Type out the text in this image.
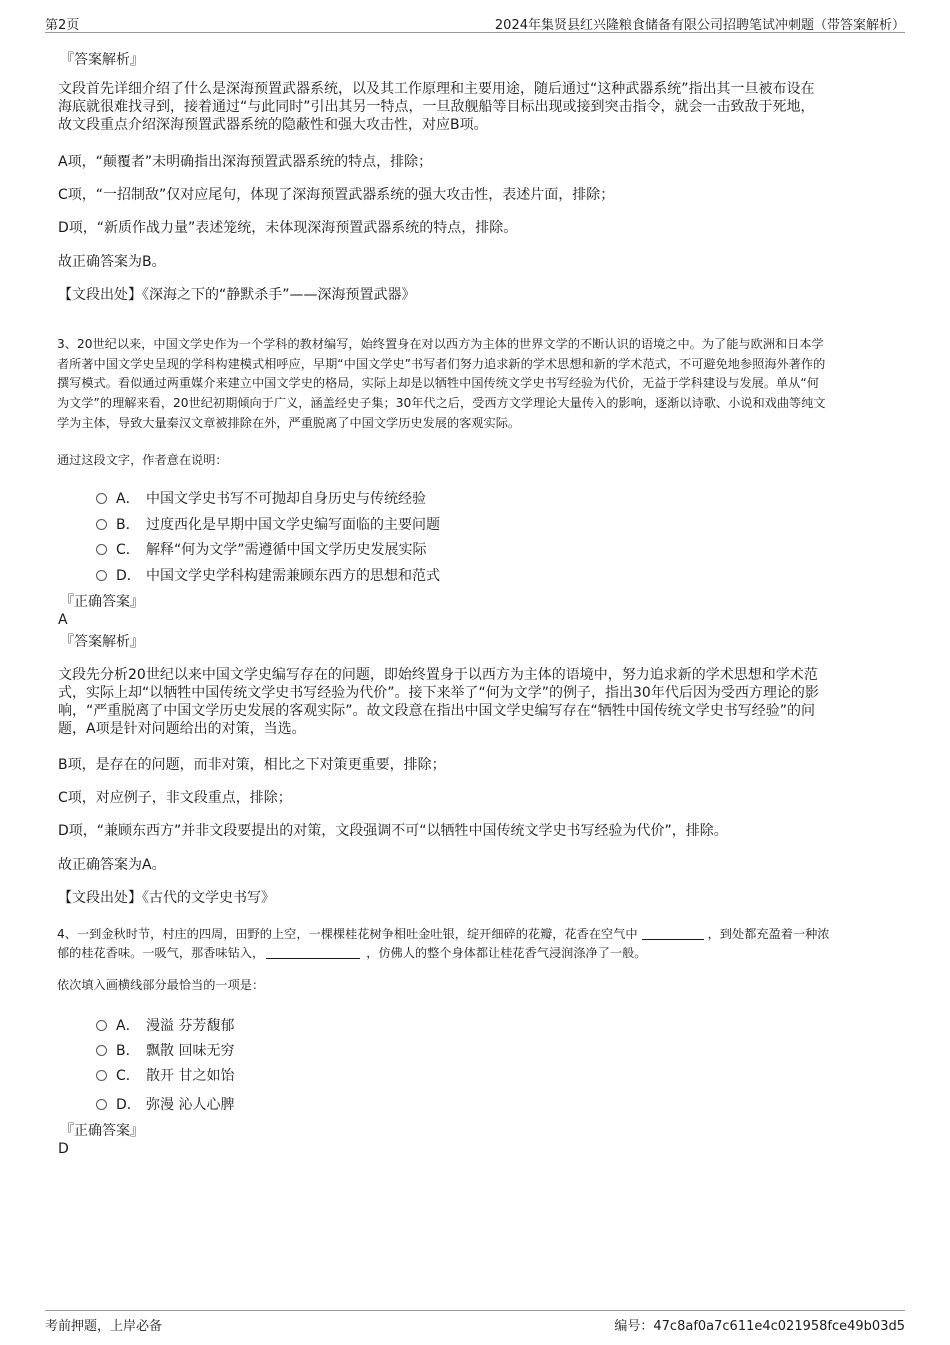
第2页	2024年集贤县红兴隆粮食储备有限公司招聘笔试冲刺题（带答案解析）
『答案解析』
文段首先详细介绍了什么是深海预置武器系统，以及其工作原理和主要用途，随后通过“这种武器系统”指出其一旦被布设在
海底就很难找寻到，接着通过“与此同时”引出其另一特点，一旦敌舰船等目标出现或接到突击指令，就会一击致敌于死地，
故文段重点介绍深海预置武器系统的隐蔽性和强大攻击性，对应B项。
A项，“颠覆者”未明确指出深海预置武器系统的特点，排除；
C项，“一招制敌”仅对应尾句，体现了深海预置武器系统的强大攻击性，表述片面，排除；
D项，“新质作战力量”表述笼统，未体现深海预置武器系统的特点，排除。
故正确答案为B。
【文段出处】《深海之下的“静默杀手”——深海预置武器》
3、20世纪以来，中国文学史作为一个学科的教材编写，始终置身在对以西方为主体的世界文学的不断认识的语境之中。为了能与欧洲和日本学
者所著中国文学史呈现的学科构建模式相呼应，早期“中国文学史”书写者们努力追求新的学术思想和新的学术范式，不可避免地参照海外著作的
撰写模式。看似通过两重媒介来建立中国文学史的格局，实际上却是以牺牲中国传统文学史书写经验为代价，无益于学科建设与发展。单从“何
为文学”的理解来看，20世纪初期倾向于广义，涵盖经史子集；30年代之后，受西方文学理论大量传入的影响，逐渐以诗歌、小说和戏曲等纯文
学为主体，导致大量秦汉文章被排除在外，严重脱离了中国文学历史发展的客观实际。
通过这段文字，作者意在说明：
A． 中国文学史书写不可抛却自身历史与传统经验
B． 过度西化是早期中国文学史编写面临的主要问题
C． 解释“何为文学”需遵循中国文学历史发展实际
D． 中国文学史学科构建需兼顾东西方的思想和范式
『正确答案』
A
『答案解析』
文段先分析20世纪以来中国文学史编写存在的问题，即始终置身于以西方为主体的语境中，努力追求新的学术思想和学术范
式，实际上却“以牺牲中国传统文学史书写经验为代价”。接下来举了“何为文学”的例子，指出30年代后因为受西方理论的影
响，“严重脱离了中国文学历史发展的客观实际”。故文段意在指出中国文学史编写存在“牺牲中国传统文学史书写经验”的问
题，A项是针对问题给出的对策，当选。
B项，是存在的问题，而非对策，相比之下对策更重要，排除；
C项，对应例子，非文段重点，排除；
D项，“兼顾东西方”并非文段要提出的对策，文段强调不可“以牺牲中国传统文学史书写经验为代价”，排除。
故正确答案为A。
【文段出处】《古代的文学史书写》
4、一到金秋时节，村庄的四周，田野的上空，一棵棵桂花树争相吐金吐银，绽开细碎的花瓣，花香在空气中	，到处都充盈着一种浓
郁的桂花香味。一吸气，那香味钻入，	，仿佛人的整个身体都让桂花香气浸润涤净了一般。
依次填入画横线部分最恰当的一项是：
A． 漫溢 芬芳馥郁
B． 飘散 回味无穷
C． 散开 甘之如饴
D． 弥漫 沁人心脾
『正确答案』
D
考前押题，上岸必备	编号：47c8af0a7c611e4c021958fce49b03d5
